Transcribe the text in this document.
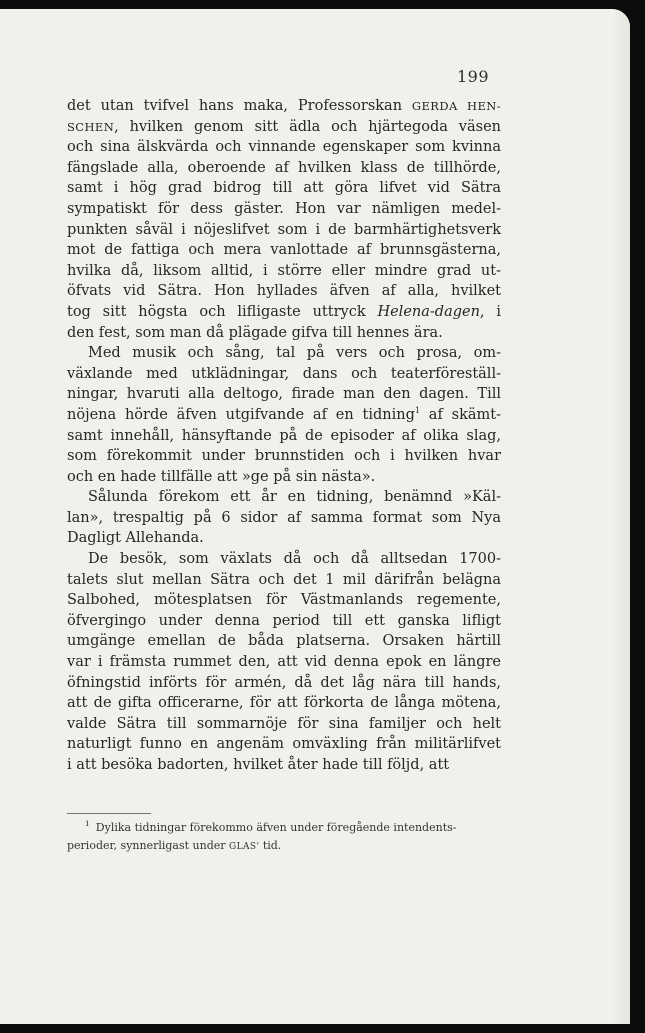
199
det utan tvifvel hans maka, Professorskan GERDA HEN-
SCHEN, hvilken genom sitt ädla och hjärtegoda väsen
och sina älskvärda och vinnande egenskaper som kvinna
fängslade alla, oberoende af hvilken klass de tillhörde,
samt i hög grad bidrog till att göra lifvet vid Sätra
sympatiskt för dess gäster. Hon var nämligen medel-
punkten såväl i nöjeslifvet som i de barmhärtighetsverk
mot de fattiga och mera vanlottade af brunnsgästerna,
hvilka då, liksom alltid, i större eller mindre grad ut-
öfvats vid Sätra. Hon hyllades äfven af alla, hvilket
tog sitt högsta och lifligaste uttryck Helena-dagen, i
den fest, som man då plägade gifva till hennes ära.
Med musik och sång, tal på vers och prosa, om-
växlande med utklädningar, dans och teaterföreställ-
ningar, hvaruti alla deltogo, firade man den dagen. Till
nöjena hörde äfven utgifvande af en tidning$^1$ af skämt-
samt innehåll, hänsyftande på de episoder af olika slag,
som förekommit under brunnstiden och i hvilken hvar
och en hade tillfälle att »ge på sin nästa».
Sålunda förekom ett år en tidning, benämnd »Käl-
lan», trespaltig på 6 sidor af samma format som Nya
Dagligt Allehanda.
De besök, som växlats då och då alltsedan 1700-
talets slut mellan Sätra och det 1 mil därifrån belägna
Salbohed, mötesplatsen för Västmanlands regemente,
öfvergingo under denna period till ett ganska lifligt
umgänge emellan de båda platserna. Orsaken härtill
var i främsta rummet den, att vid denna epok en längre
öfningstid införts för armén, då det låg nära till hands,
att de gifta officerarne, för att förkorta de långa mötena,
valde Sätra till sommarnöje för sina familjer och helt
naturligt funno en angenäm omväxling från militärlifvet
i att besöka badorten, hvilket åter hade till följd, att
$^1$ Dylika tidningar förekommo äfven under föregående intendents-
perioder, synnerligast under GLAS' tid.
